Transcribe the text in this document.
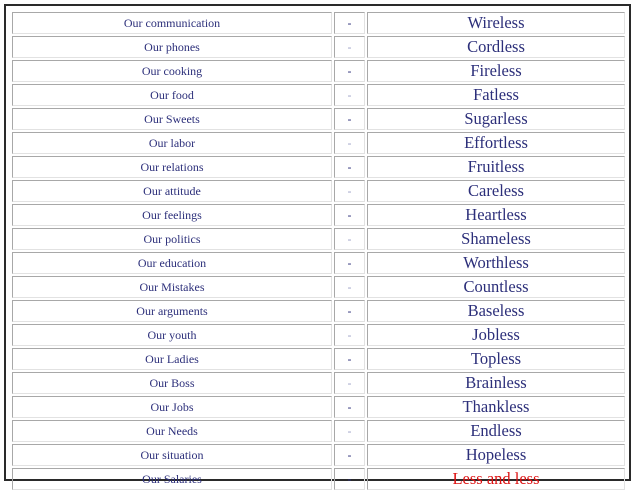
Our communication	-	Wireless
Our phones	-	Cordless
Our cooking	-	Fireless
Our food	-	Fatless
Our Sweets	-	Sugarless
Our labor	-	Effortless
Our relations	-	Fruitless
Our attitude	-	Careless
Our feelings	-	Heartless
Our politics	-	Shameless
Our education	-	Worthless
Our Mistakes	-	Countless
Our arguments	-	Baseless
Our youth	-	Jobless
Our Ladies	-	Topless
Our Boss	-	Brainless
Our Jobs	-	Thankless
Our Needs	-	Endless
Our situation	-	Hopeless
Our Salaries	-	Less and less
